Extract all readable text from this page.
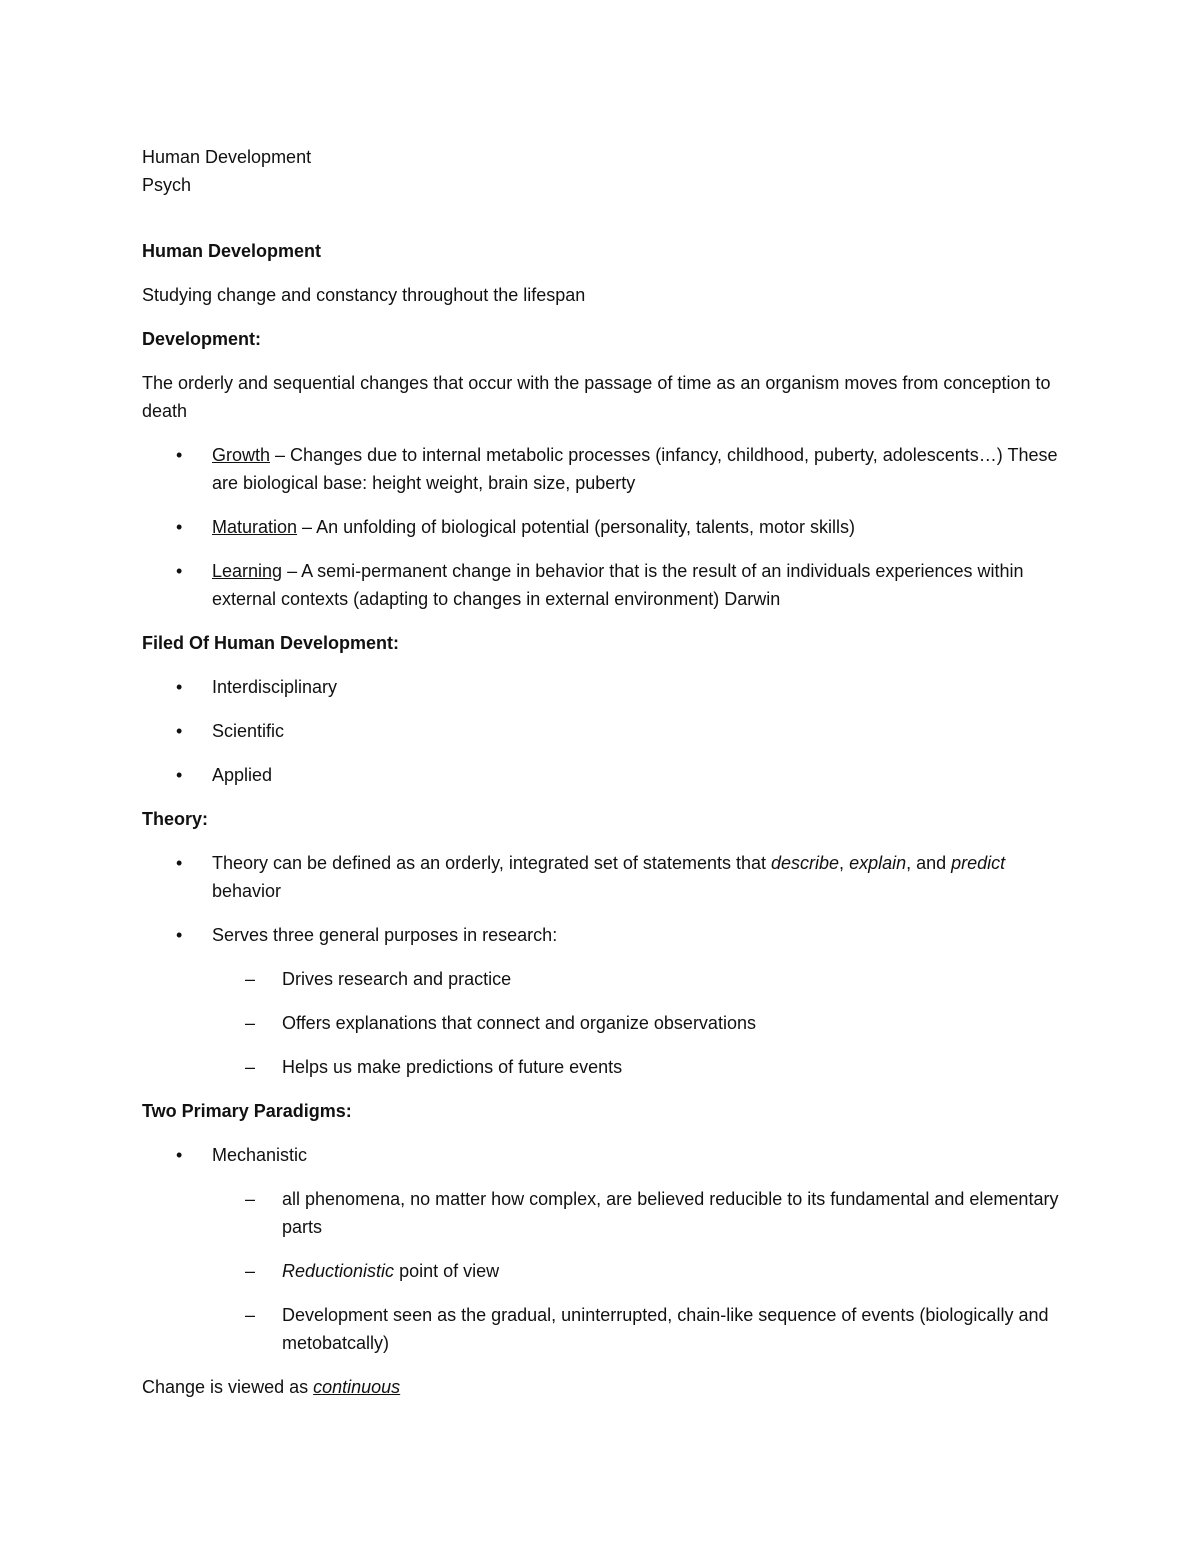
Human Development

Psych

Human Development

Studying change and constancy throughout the lifespan

Development:

The orderly and sequential changes that occur with the passage of time as an organism moves from conception to death

• Growth – Changes due to internal metabolic processes (infancy, childhood, puberty, adolescents…) These are biological base: height weight, brain size, puberty
• Maturation – An unfolding of biological potential (personality, talents, motor skills)
• Learning – A semi-permanent change in behavior that is the result of an individuals experiences within external contexts (adapting to changes in external environment) Darwin

Filed Of Human Development:

• Interdisciplinary
• Scientific
• Applied

Theory:

• Theory can be defined as an orderly, integrated set of statements that describe, explain, and predict behavior
• Serves three general purposes in research:
– Drives research and practice
– Offers explanations that connect and organize observations
– Helps us make predictions of future events

Two Primary Paradigms:

• Mechanistic
– all phenomena, no matter how complex, are believed reducible to its fundamental and elementary parts
– Reductionistic point of view
– Development seen as the gradual, uninterrupted, chain-like sequence of events (biologically and metobatcally)

Change is viewed as continuous
